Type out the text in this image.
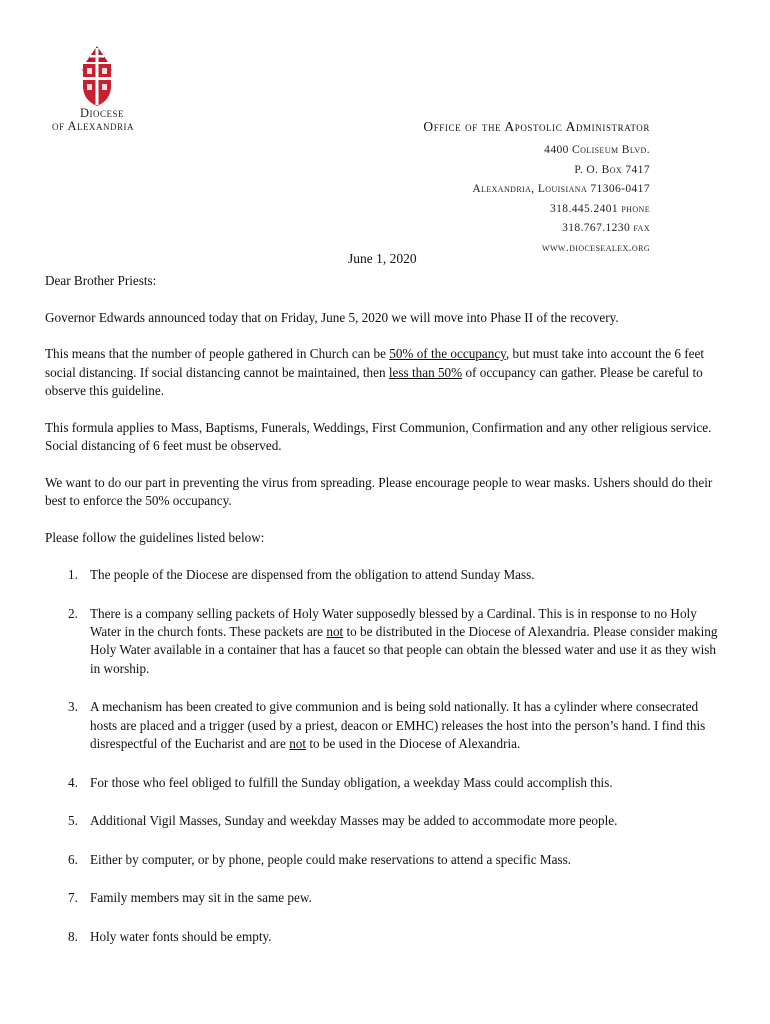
Diocese
of Alexandria	Office of the Apostolic Administrator
4400 Coliseum Blvd.
P. O. Box 7417
Alexandria, Louisiana 71306-0417
318.445.2401 phone
318.767.1230 fax
www.diocesealex.org
June 1, 2020

Dear Brother Priests:

Governor Edwards announced today that on Friday, June 5, 2020 we will move into Phase II of the recovery.

This means that the number of people gathered in Church can be 50% of the occupancy, but must take into account the 6 feet social distancing. If social distancing cannot be maintained, then less than 50% of occupancy can gather. Please be careful to observe this guideline.

This formula applies to Mass, Baptisms, Funerals, Weddings, First Communion, Confirmation and any other religious service. Social distancing of 6 feet must be observed.

We want to do our part in preventing the virus from spreading. Please encourage people to wear masks. Ushers should do their best to enforce the 50% occupancy.

Please follow the guidelines listed below:

1. The people of the Diocese are dispensed from the obligation to attend Sunday Mass.
2. There is a company selling packets of Holy Water supposedly blessed by a Cardinal. This is in response to no Holy Water in the church fonts. These packets are not to be distributed in the Diocese of Alexandria. Please consider making Holy Water available in a container that has a faucet so that people can obtain the blessed water and use it as they wish in worship.
3. A mechanism has been created to give communion and is being sold nationally. It has a cylinder where consecrated hosts are placed and a trigger (used by a priest, deacon or EMHC) releases the host into the person’s hand. I find this disrespectful of the Eucharist and are not to be used in the Diocese of Alexandria.
4. For those who feel obliged to fulfill the Sunday obligation, a weekday Mass could accomplish this.
5. Additional Vigil Masses, Sunday and weekday Masses may be added to accommodate more people.
6. Either by computer, or by phone, people could make reservations to attend a specific Mass.
7. Family members may sit in the same pew.
8. Holy water fonts should be empty.
